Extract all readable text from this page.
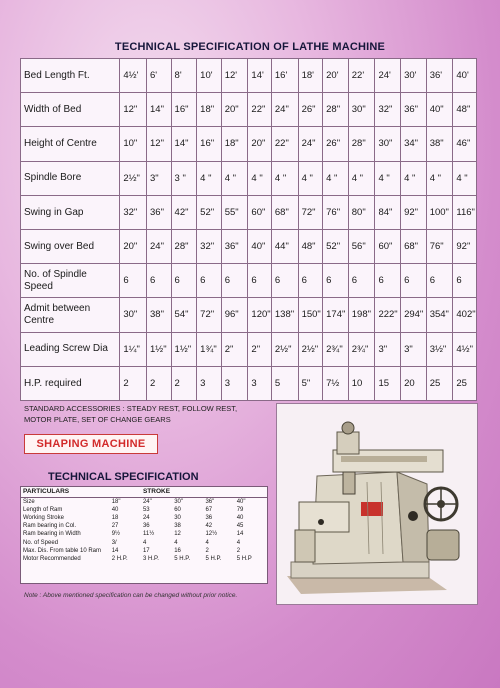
TECHNICAL SPECIFICATION OF LATHE MACHINE
Bed Length Ft.	4½'	6'	8'	10'	12'	14'	16'	18'	20'	22'	24'	30'	36'	40'
Width of Bed	12"	14"	16"	18"	20"	22"	24"	26"	28"	30"	32"	36"	40"	48"
Height of Centre	10"	12"	14"	16"	18"	20"	22"	24"	26"	28"	30"	34"	38"	46"
Spindle Bore	2½"	3"	3 "	4 "	4 "	4 "	4 "	4 "	4 "	4 "	4 "	4 "	4 "	4 "
Swing in Gap	32"	36"	42"	52"	55"	60"	68"	72"	76"	80"	84"	92"	100"	116"
Swing over Bed	20"	24"	28"	32"	36"	40"	44"	48"	52"	56"	60"	68"	76"	92"
No. of Spindle Speed	6	6	6	6	6	6	6	6	6	6	6	6	6	6
Admit between Centre	30"	38"	54"	72"	96"	120"	138"	150"	174"	198"	222"	294"	354"	402"
Leading Screw Dia	1¼"	1½"	1½"	1¾"	2"	2"	2½"	2½"	2¾"	2¾"	3"	3"	3½"	4½"
H.P. required	2	2	2	3	3	3	5	5"	7½	10	15	20	25	25
STANDARD ACCESSORIES : STEADY REST, FOLLOW REST,
MOTOR PLATE, SET OF CHANGE GEARS
SHAPING MACHINE
TECHNICAL SPECIFICATION
PARTICULARS		STROKE			
Size	18"	24"	30"	36"	40"
Length of Ram	40	53	60	67	79
Working Stroke	18	24	30	36	40
Ram bearing in Col.	27	36	38	42	45
Ram bearing in Width	9½	11½	12	12½	14
No. of Speed	3/	4	4	4	4
Max. Dis. From table 10 Ram	14	17	16	2	2
Motor Recommended	2 H.P.	3 H.P.	5 H.P.	5 H.P.	5 H.P
Note : Above mentioned specification can be changed without prior notice.
